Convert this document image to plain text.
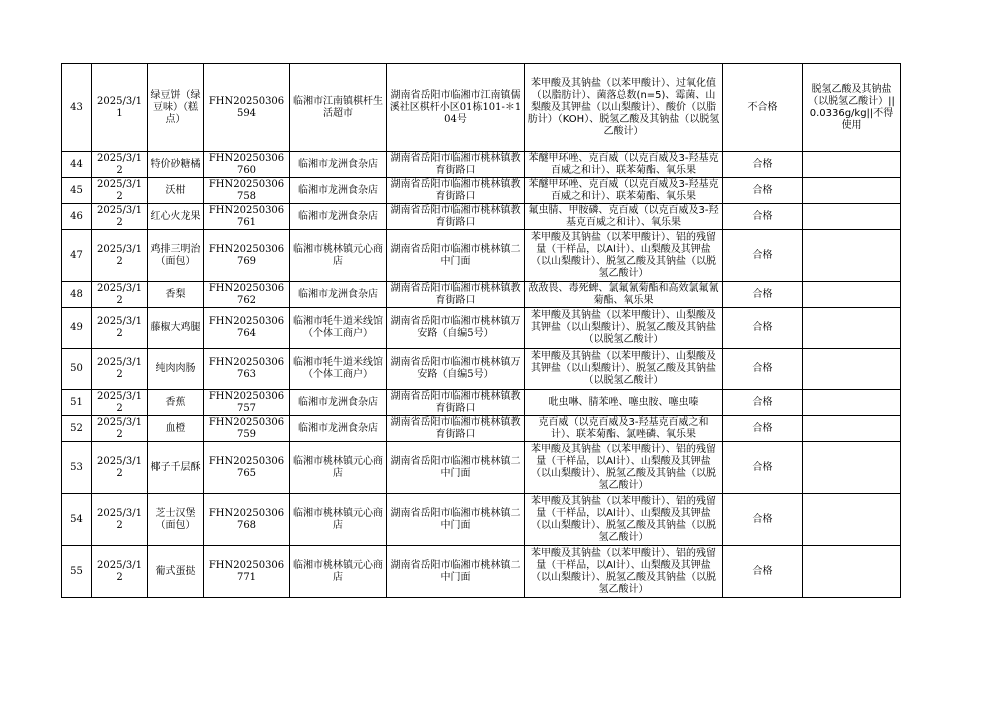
43	2025/3/11	绿豆饼（绿豆味）（糕点）	FHN20250306594	临湘市江南镇棋杆生活超市	湖南省岳阳市临湘市江南镇儒溪社区棋杆小区01栋101-＊104号	苯甲酸及其钠盐（以苯甲酸计）、过氧化值（以脂肪计）、菌落总数(n=5)、霉菌、山梨酸及其钾盐（以山梨酸计）、酸价（以脂肪计）（KOH）、脱氢乙酸及其钠盐（以脱氢乙酸计）	不合格	脱氢乙酸及其钠盐（以脱氢乙酸计）||0.0336g/kg||不得使用
44	2025/3/12	特价砂糖橘	FHN20250306760	临湘市龙洲食杂店	湖南省岳阳市临湘市桃林镇教育街路口	苯醚甲环唑、克百威（以克百威及3-羟基克百威之和计）、联苯菊酯、氧乐果	合格	
45	2025/3/12	沃柑	FHN20250306758	临湘市龙洲食杂店	湖南省岳阳市临湘市桃林镇教育街路口	苯醚甲环唑、克百威（以克百威及3-羟基克百威之和计）、联苯菊酯、氧乐果	合格	
46	2025/3/12	红心火龙果	FHN20250306761	临湘市龙洲食杂店	湖南省岳阳市临湘市桃林镇教育街路口	氟虫腈、甲胺磷、克百威（以克百威及3-羟基克百威之和计）、氧乐果	合格	
47	2025/3/12	鸡排三明治（面包）	FHN20250306769	临湘市桃林镇元心商店	湖南省岳阳市临湘市桃林镇二中门面	苯甲酸及其钠盐（以苯甲酸计）、铝的残留量（干样品，以Al计）、山梨酸及其钾盐（以山梨酸计）、脱氢乙酸及其钠盐（以脱氢乙酸计）	合格	
48	2025/3/12	香梨	FHN20250306762	临湘市龙洲食杂店	湖南省岳阳市临湘市桃林镇教育街路口	敌敌畏、毒死蜱、氯氟氰菊酯和高效氯氟氰菊酯、氧乐果	合格	
49	2025/3/12	藤椒大鸡腿	FHN20250306764	临湘市牦牛道米线馆（个体工商户）	湖南省岳阳市临湘市桃林镇万安路（自编5号）	苯甲酸及其钠盐（以苯甲酸计）、山梨酸及其钾盐（以山梨酸计）、脱氢乙酸及其钠盐（以脱氢乙酸计）	合格	
50	2025/3/12	纯肉肉肠	FHN20250306763	临湘市牦牛道米线馆（个体工商户）	湖南省岳阳市临湘市桃林镇万安路（自编5号）	苯甲酸及其钠盐（以苯甲酸计）、山梨酸及其钾盐（以山梨酸计）、脱氢乙酸及其钠盐（以脱氢乙酸计）	合格	
51	2025/3/12	香蕉	FHN20250306757	临湘市龙洲食杂店	湖南省岳阳市临湘市桃林镇教育街路口	吡虫啉、腈苯唑、噻虫胺、噻虫嗪	合格	
52	2025/3/12	血橙	FHN20250306759	临湘市龙洲食杂店	湖南省岳阳市临湘市桃林镇教育街路口	克百威（以克百威及3-羟基克百威之和计）、联苯菊酯、氯唑磷、氧乐果	合格	
53	2025/3/12	椰子千层酥	FHN20250306765	临湘市桃林镇元心商店	湖南省岳阳市临湘市桃林镇二中门面	苯甲酸及其钠盐（以苯甲酸计）、铝的残留量（干样品，以Al计）、山梨酸及其钾盐（以山梨酸计）、脱氢乙酸及其钠盐（以脱氢乙酸计）	合格	
54	2025/3/12	芝士汉堡（面包）	FHN20250306768	临湘市桃林镇元心商店	湖南省岳阳市临湘市桃林镇二中门面	苯甲酸及其钠盐（以苯甲酸计）、铝的残留量（干样品，以Al计）、山梨酸及其钾盐（以山梨酸计）、脱氢乙酸及其钠盐（以脱氢乙酸计）	合格	
55	2025/3/12	葡式蛋挞	FHN20250306771	临湘市桃林镇元心商店	湖南省岳阳市临湘市桃林镇二中门面	苯甲酸及其钠盐（以苯甲酸计）、铝的残留量（干样品，以Al计）、山梨酸及其钾盐（以山梨酸计）、脱氢乙酸及其钠盐（以脱氢乙酸计）	合格	
